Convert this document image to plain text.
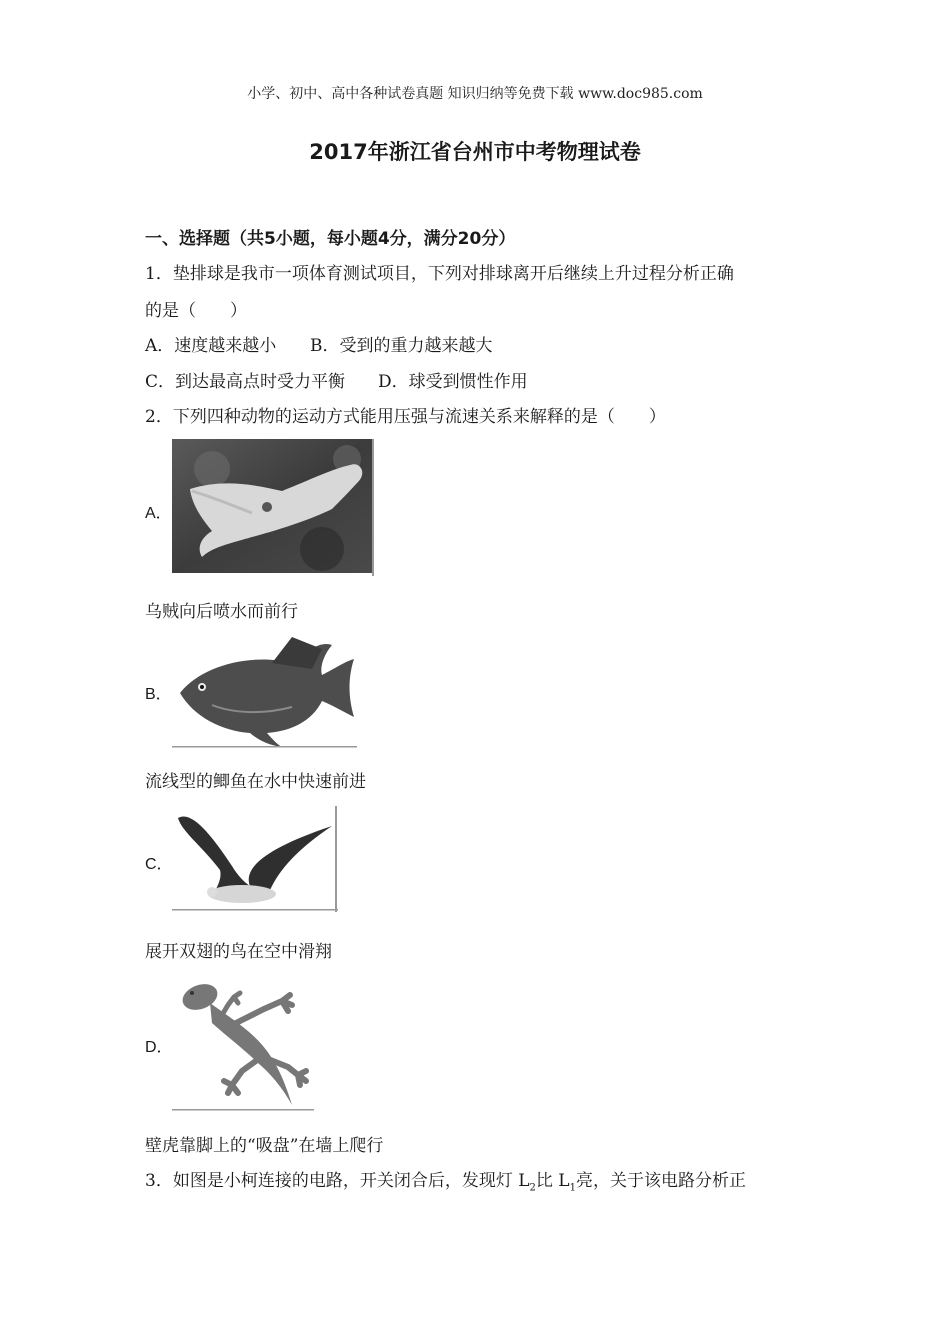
小学、初中、高中各种试卷真题 知识归纳等免费下载 www.doc985.com
2017年浙江省台州市中考物理试卷
一、选择题（共5小题，每小题4分，满分20分）
1．垫排球是我市一项体育测试项目，下列对排球离开后继续上升过程分析正确
的是（　　）
A．速度越来越小 B．受到的重力越来越大
C．到达最高点时受力平衡 D．球受到惯性作用
2．下列四种动物的运动方式能用压强与流速关系来解释的是（　　）
A．
乌贼向后喷水而前行
B．
流线型的鲫鱼在水中快速前进
C．
展开双翅的鸟在空中滑翔
D．
壁虎靠脚上的“吸盘”在墙上爬行
3．如图是小柯连接的电路，开关闭合后，发现灯 $L_2$比 $L_1$亮，关于该电路分析正
